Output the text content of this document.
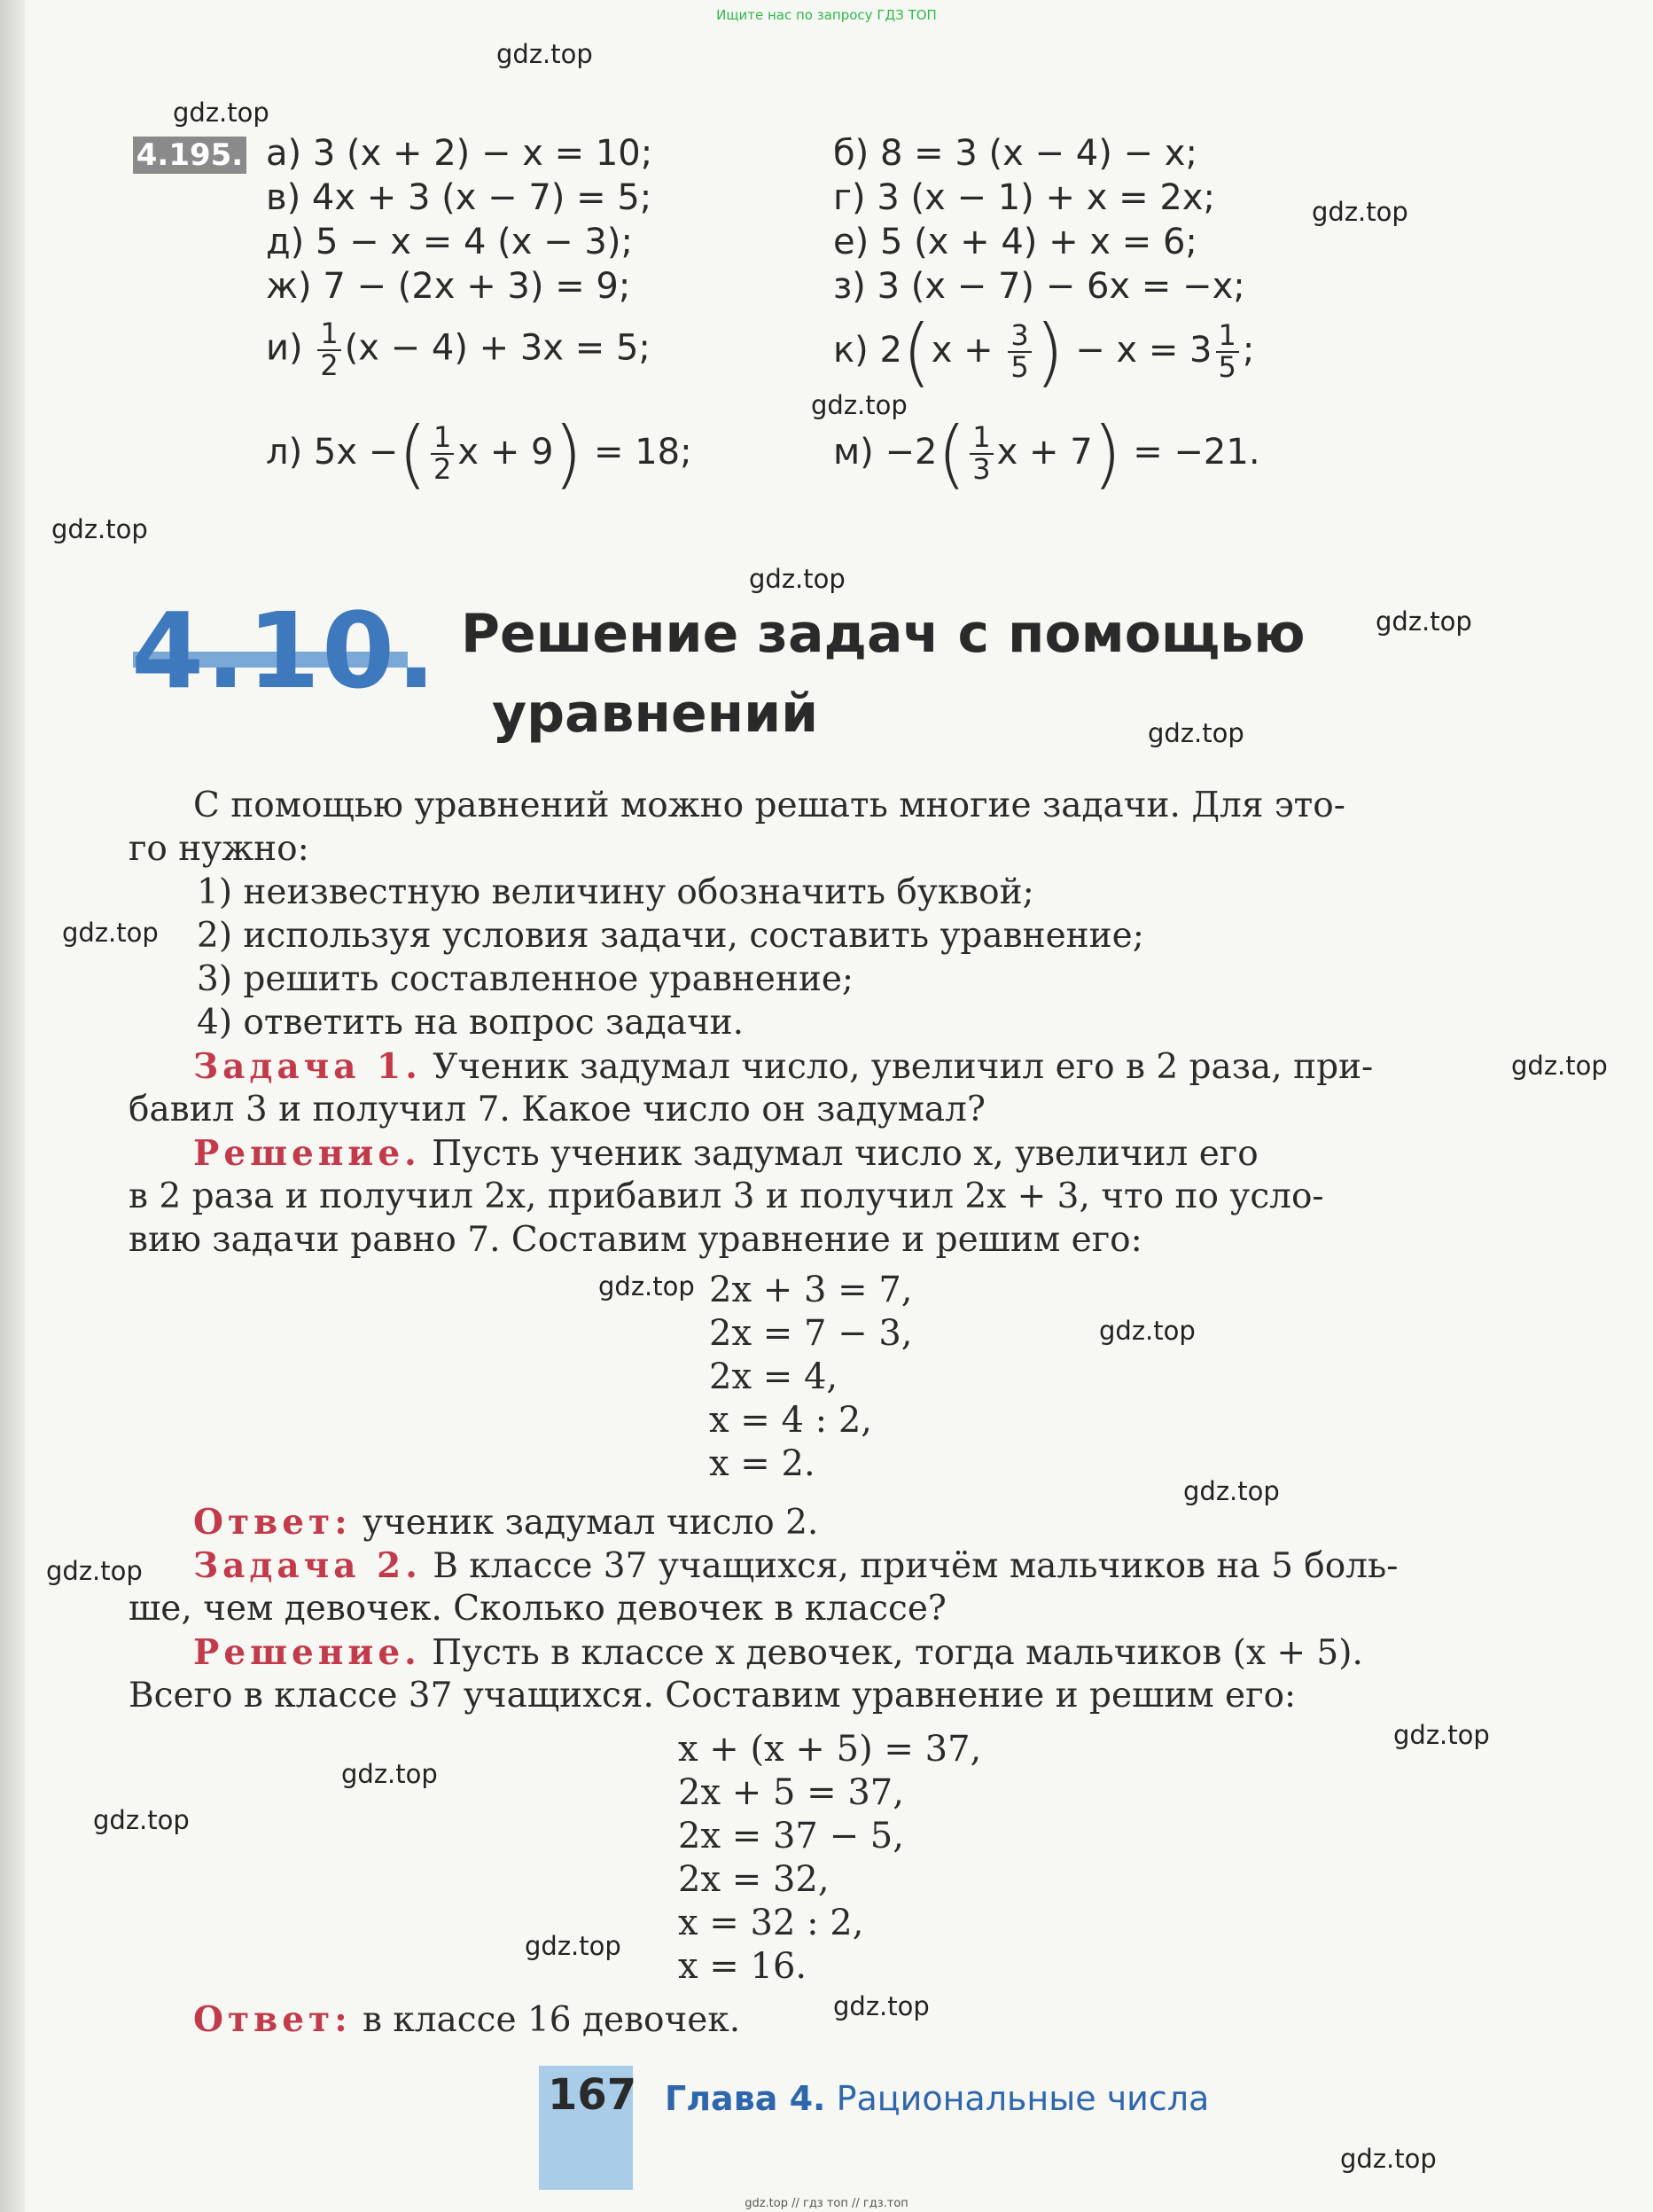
Ищите нас по запросу ГДЗ ТОП
gdz.top
gdz.top
gdz.top
gdz.top
gdz.top
gdz.top
gdz.top
gdz.top
gdz.top
gdz.top
gdz.top
gdz.top
gdz.top
gdz.top
gdz.top
gdz.top
gdz.top
gdz.top
gdz.top
gdz.top
4.195. а) 3 (x + 2) − x = 10;	б) 8 = 3 (x − 4) − x;
в) 4x + 3 (x − 7) = 5;	г) 3 (x − 1) + x = 2x;
д) 5 − x = 4 (x − 3);	е) 5 (x + 4) + x = 6;
ж) 7 − (2x + 3) = 9;	з) 3 (x − 7) − 6x = −x;
$и) \frac{1}{2} (x - 4) + 3x = 5$;	к) $2(x + \frac{3}{5}$ ) − $x = 3 \frac{1}{5}$ ;
л) 5x −( $\frac{1}{2}$ x + 9) = 18;	$м) -2( \frac{1}{3}$ x + 7) = −21.
4.10. Решение задач с помощью
уравнений
С помощью уравнений можно решать многие задачи. Для это-
го нужно:
1) неизвестную величину обозначить буквой;
2) используя условия задачи, составить уравнение;
3) решить составленное уравнение;
4) ответить на вопрос задачи.
Задача 1. Ученик задумал число, увеличил его в 2 раза, при-
бавил 3 и получил 7. Какое число он задумал?
Решение. Пусть ученик задумал число x, увеличил его
в 2 раза и получил 2x, прибавил 3 и получил 2x + 3, что по усло-
вию задачи равно 7. Составим уравнение и решим его:
2x + 3 = 7,
2x = 7 − 3,
2x = 4,
x = 4 : 2,
x = 2.
Ответ: ученик задумал число 2.
Задача 2. В классе 37 учащихся, причём мальчиков на 5 боль-
ше, чем девочек. Сколько девочек в классе?
Решение. Пусть в классе x девочек, тогда мальчиков (x + 5).
Всего в классе 37 учащихся. Составим уравнение и решим его:
x + (x + 5) = 37,
2x + 5 = 37,
2x = 37 − 5,
2x = 32,
x = 32 : 2,
x = 16.
Ответ: в классе 16 девочек.
167 Глава 4. Рациональные числа
gdz.top // гдз топ // гдз.топ
